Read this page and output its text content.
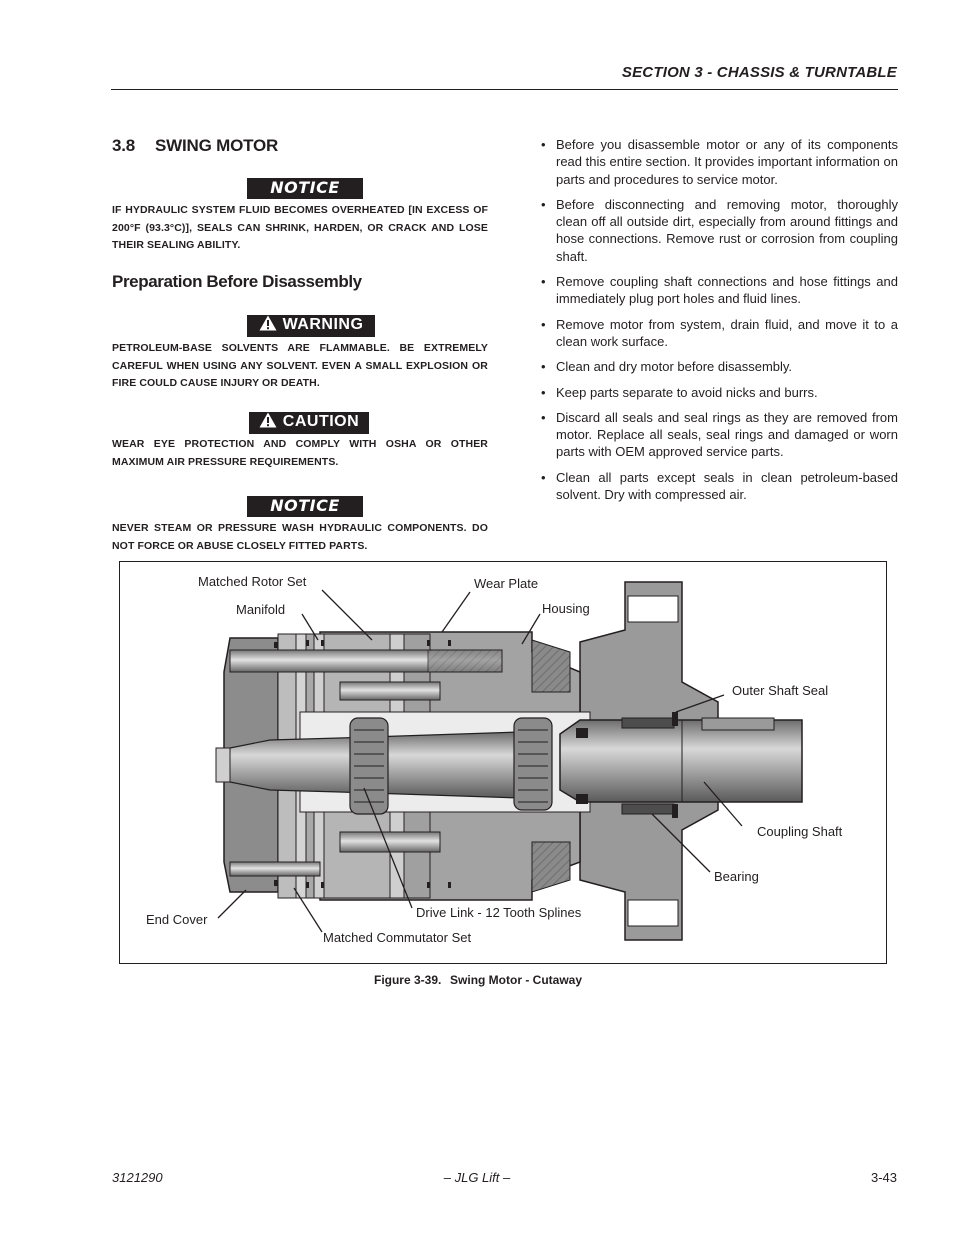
SECTION 3 - CHASSIS & TURNTABLE
3.8 SWING MOTOR
NOTICE
IF HYDRAULIC SYSTEM FLUID BECOMES OVERHEATED [IN EXCESS OF 200°F (93.3°C)], SEALS CAN SHRINK, HARDEN, OR CRACK AND LOSE THEIR SEALING ABILITY.
Preparation Before Disassembly
WARNING
PETROLEUM-BASE SOLVENTS ARE FLAMMABLE. BE EXTREMELY CAREFUL WHEN USING ANY SOLVENT. EVEN A SMALL EXPLOSION OR FIRE COULD CAUSE INJURY OR DEATH.
CAUTION
WEAR EYE PROTECTION AND COMPLY WITH OSHA OR OTHER MAXIMUM AIR PRESSURE REQUIREMENTS.
NOTICE
NEVER STEAM OR PRESSURE WASH HYDRAULIC COMPONENTS. DO NOT FORCE OR ABUSE CLOSELY FITTED PARTS.
• Before you disassemble motor or any of its components read this entire section. It provides important information on parts and procedures to service motor.
• Before disconnecting and removing motor, thoroughly clean off all outside dirt, especially from around fittings and hose connections. Remove rust or corrosion from coupling shaft.
• Remove coupling shaft connections and hose fittings and immediately plug port holes and fluid lines.
• Remove motor from system, drain fluid, and move it to a clean work surface.
• Clean and dry motor before disassembly.
• Keep parts separate to avoid nicks and burrs.
• Discard all seals and seal rings as they are removed from motor. Replace all seals, seal rings and damaged or worn parts with OEM approved service parts.
• Clean all parts except seals in clean petroleum-based solvent. Dry with compressed air.
Matched Rotor Set
Manifold
Wear Plate
Housing
Outer Shaft Seal
Coupling Shaft
Bearing
Drive Link - 12 Tooth Splines
End Cover
Matched Commutator Set
Figure 3-39. Swing Motor - Cutaway
3121290	– JLG Lift –	3-43
